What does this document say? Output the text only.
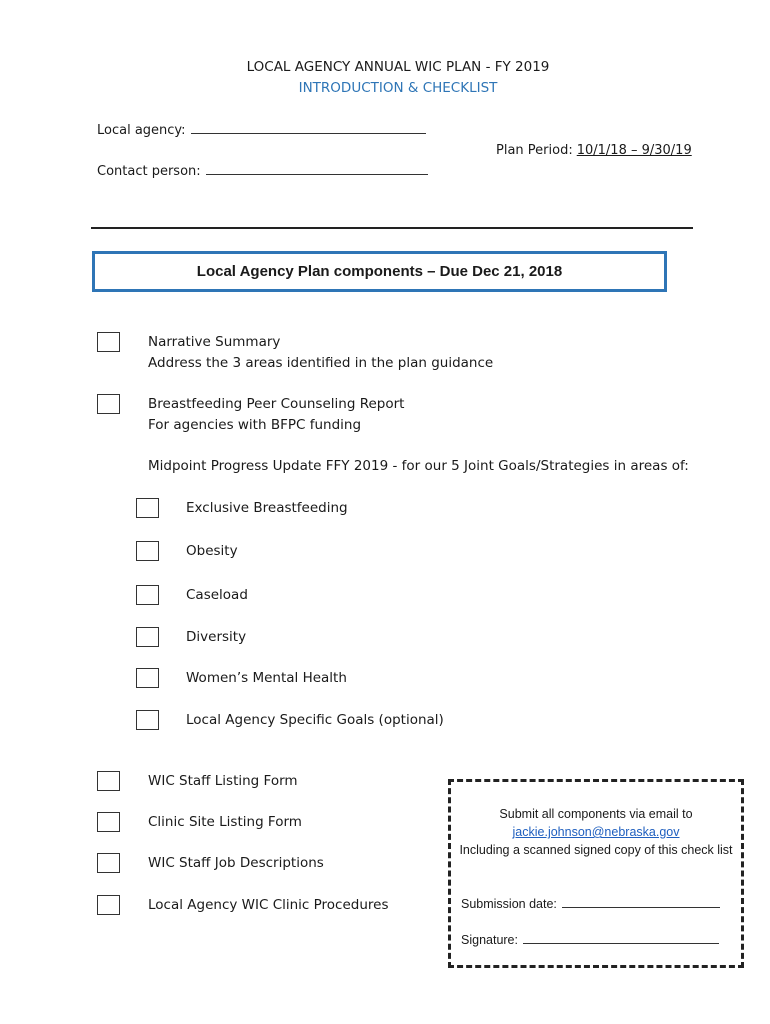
LOCAL AGENCY ANNUAL WIC PLAN - FY 2019
INTRODUCTION & CHECKLIST
Local agency:
Contact person:
Plan Period: 10/1/18 – 9/30/19
Local Agency Plan components – Due Dec 21, 2018
Narrative Summary
Address the 3 areas identified in the plan guidance
Breastfeeding Peer Counseling Report
For agencies with BFPC funding
Midpoint Progress Update FFY 2019 - for our 5 Joint Goals/Strategies in areas of:
Exclusive Breastfeeding
Obesity
Caseload
Diversity
Women’s Mental Health
Local Agency Specific Goals (optional)
WIC Staff Listing Form
Clinic Site Listing Form
WIC Staff Job Descriptions
Local Agency WIC Clinic Procedures
Submit all components via email to
jackie.johnson@nebraska.gov
Including a scanned signed copy of this check list
Submission date:
Signature:
